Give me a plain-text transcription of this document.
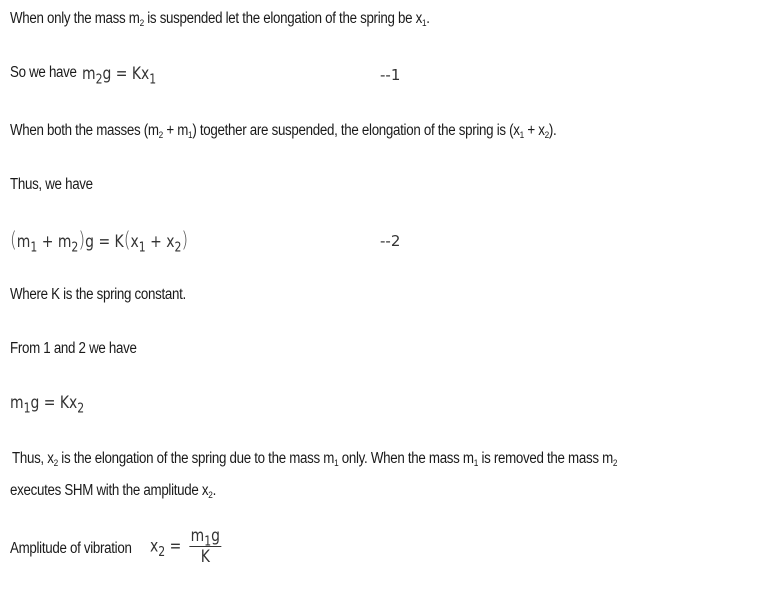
When only the mass $m_2$ is suspended let the elongation of the spring be $x_1$.
So we have $m_2g = Kx_1$	--1
When both the masses $(m_2 + m_1)$ together are suspended, the elongation of the spring is $(x_1 + x_2)$.
Thus, we have
$(m_1 + m_2)g = K(x_1 + x_2)$	--2
Where K is the spring constant.
From 1 and 2 we have
$m_1g = Kx_2$
Thus, $x_2$ is the elongation of the spring due to the mass $m_1$ only. When the mass $m_1$ is removed the mass $m_2$
executes SHM with the amplitude $x_2$.
Amplitude of vibration $x_2 = \frac{m_1g}{K}$
